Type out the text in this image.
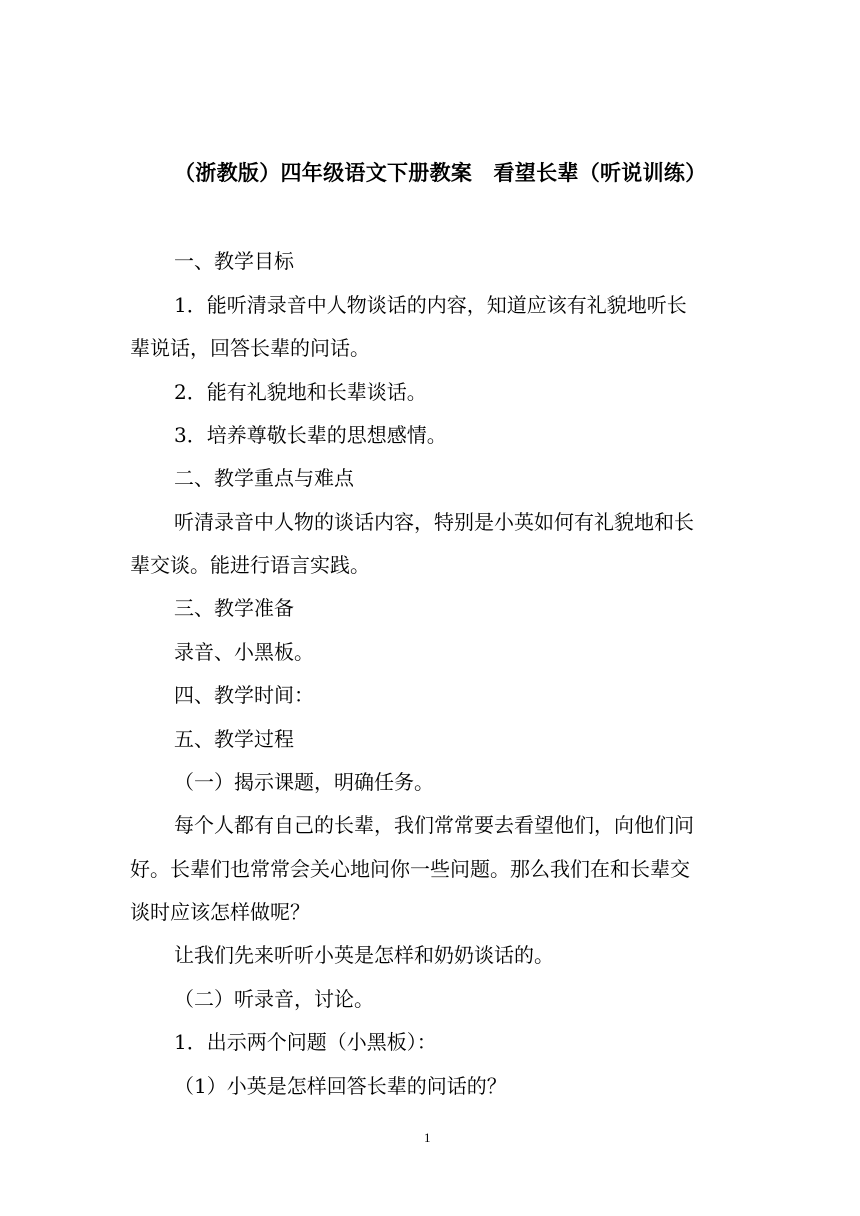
（浙教版）四年级语文下册教案　看望长辈（听说训练）
一、教学目标
1．能听清录音中人物谈话的内容，知道应该有礼貌地听长
辈说话，回答长辈的问话。
2．能有礼貌地和长辈谈话。
3．培养尊敬长辈的思想感情。
二、教学重点与难点
听清录音中人物的谈话内容，特别是小英如何有礼貌地和长
辈交谈。能进行语言实践。
三、教学准备
录音、小黑板。
四、教学时间：
五、教学过程
（一）揭示课题，明确任务。
每个人都有自己的长辈，我们常常要去看望他们，向他们问
好。长辈们也常常会关心地问你一些问题。那么我们在和长辈交
谈时应该怎样做呢？
让我们先来听听小英是怎样和奶奶谈话的。
（二）听录音，讨论。
1．出示两个问题（小黑板）：
（1）小英是怎样回答长辈的问话的？
1
